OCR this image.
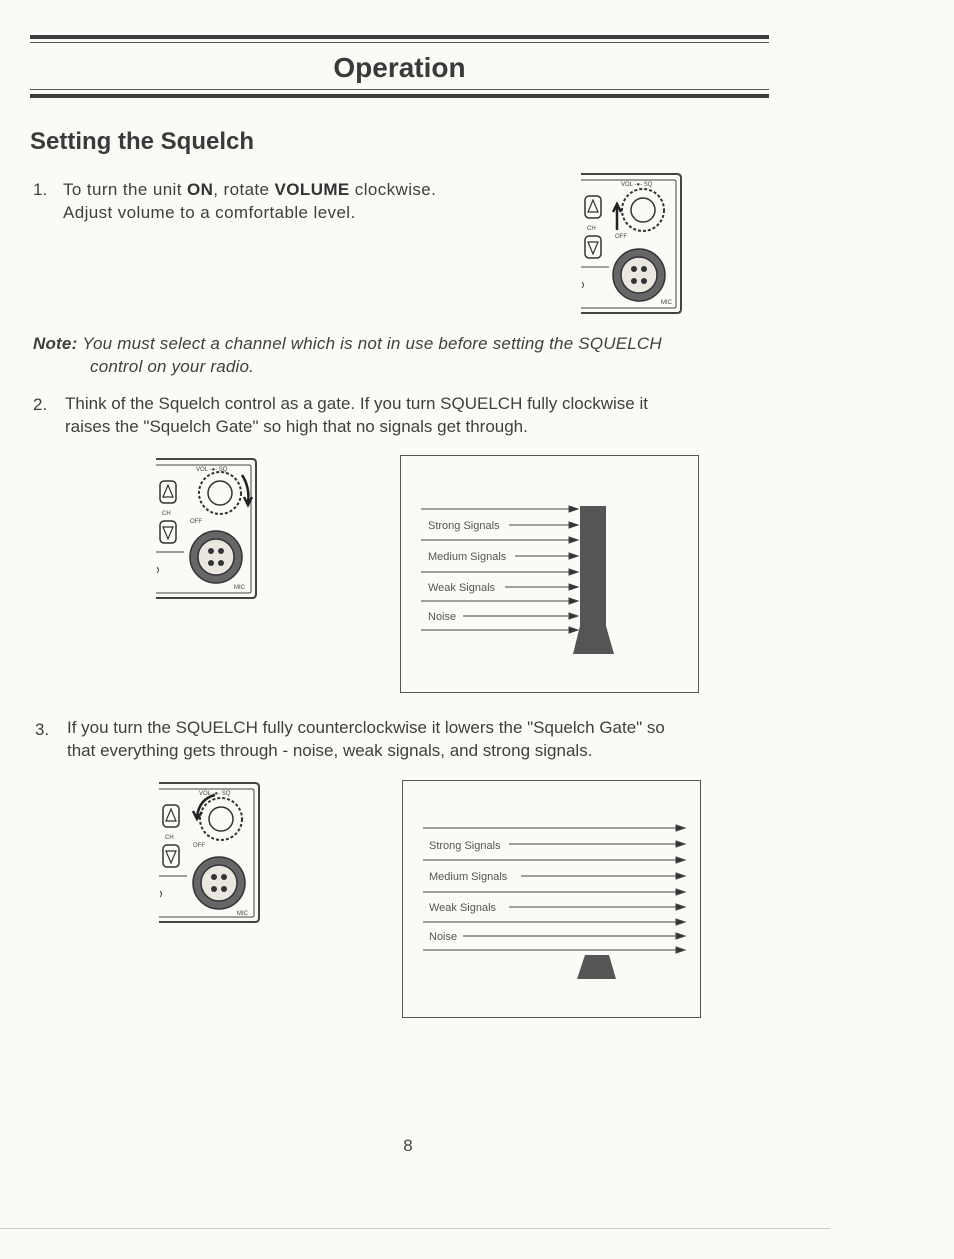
Operation
Setting the Squelch
1. To turn the unit ON, rotate VOLUME clockwise.
Adjust volume to a comfortable level.
VOL -●- SQ
CH
OFF
MIC
Note: You must select a channel which is not in use before setting the SQUELCH
control on your radio.
2. Think of the Squelch control as a gate. If you turn SQUELCH fully clockwise it
raises the "Squelch Gate" so high that no signals get through.
VOL -●- SQ
CH
OFF
MIC
Strong Signals
Medium Signals
Weak Signals
Noise
3. If you turn the SQUELCH fully counterclockwise it lowers the "Squelch Gate" so
that everything gets through - noise, weak signals, and strong signals.
VOL -●- SQ
CH
OFF
MIC
Strong Signals
Medium Signals
Weak Signals
Noise
8
